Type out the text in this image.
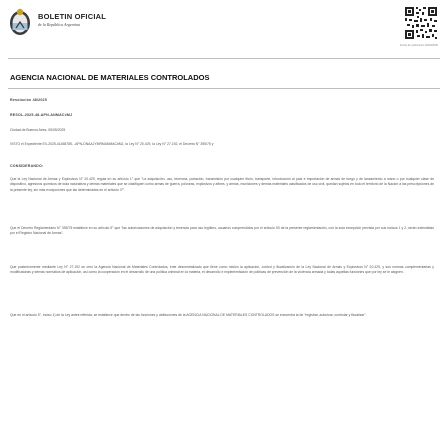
BOLETIN OFICIAL
de la República Argentina
Fecha de publicación 00/00/0000
AGENCIA NACIONAL DE MATERIALES CONTROLADOS
Resolución 48/2025
RESOL-2025-48-APN-ANMAC#MJ
Ciudad de Buenos Aires, 05/05/2025
VISTO el Expediente EX-2025-41458785- -APN-DNAAJYMRMANMAC#MJ, la Ley N° 20.429, la Ley N° 27.192, el Decreto N° 395/75 y
CONSIDERANDO:
Que la Ley Nacional de Armas y Explosivos N° 20.429, regula en su artículo 1° que "La adquisición, uso, tenencia, portación, transmisión por cualquier título, transporte, introducción al país e importación de armas de fuego y de lanzamiento a mano o por cualquier clase de dispositivo, agresivos químicos de toda naturaleza y demás materiales que se clasifiquen como armas de guerra, pólvoras, explosivos y afines, y armas, municiones y demás materiales clasificados de uso civil, quedan sujetos en todo el territorio de la Nación a las prescripciones de la presente ley, sin más excepciones que las determinadas en el artículo 3°".
Que el Decreto Reglamentario N° 395/75 establece en su artículo 5° que "las autorizaciones de adquisición y tenencia para uso legítimo, usuarios comprendidos por el artículo 53 de la presente reglamentación, con la sola excepción prevista por sus incisos 1 y 2, serán extendidas por el Registro Nacional de Armas".
Que posteriormente mediante Ley N° 27.192 se creó la Agencia Nacional de Materiales Controlados, ente descentralizado que tiene como misión la aplicación, control y fiscalización de la Ley Nacional de Armas y Explosivos N° 20.429, y sus normas complementarias y modificatorias y demás normativa de aplicación, así como la cooperación en el desarrollo de una política criminal en la materia, el desarrollo e implementación de políticas de prevención de la violencia armada y todas aquellas funciones que por ley se le asignen.
Que en el artículo 5°, inciso 1) de la Ley antes referida, se establece que dentro de las funciones y atribuciones de la AGENCIA NACIONAL DE MATERIALES CONTROLADOS se encuentra la de "registrar, autorizar, controlar y fiscalizar".
